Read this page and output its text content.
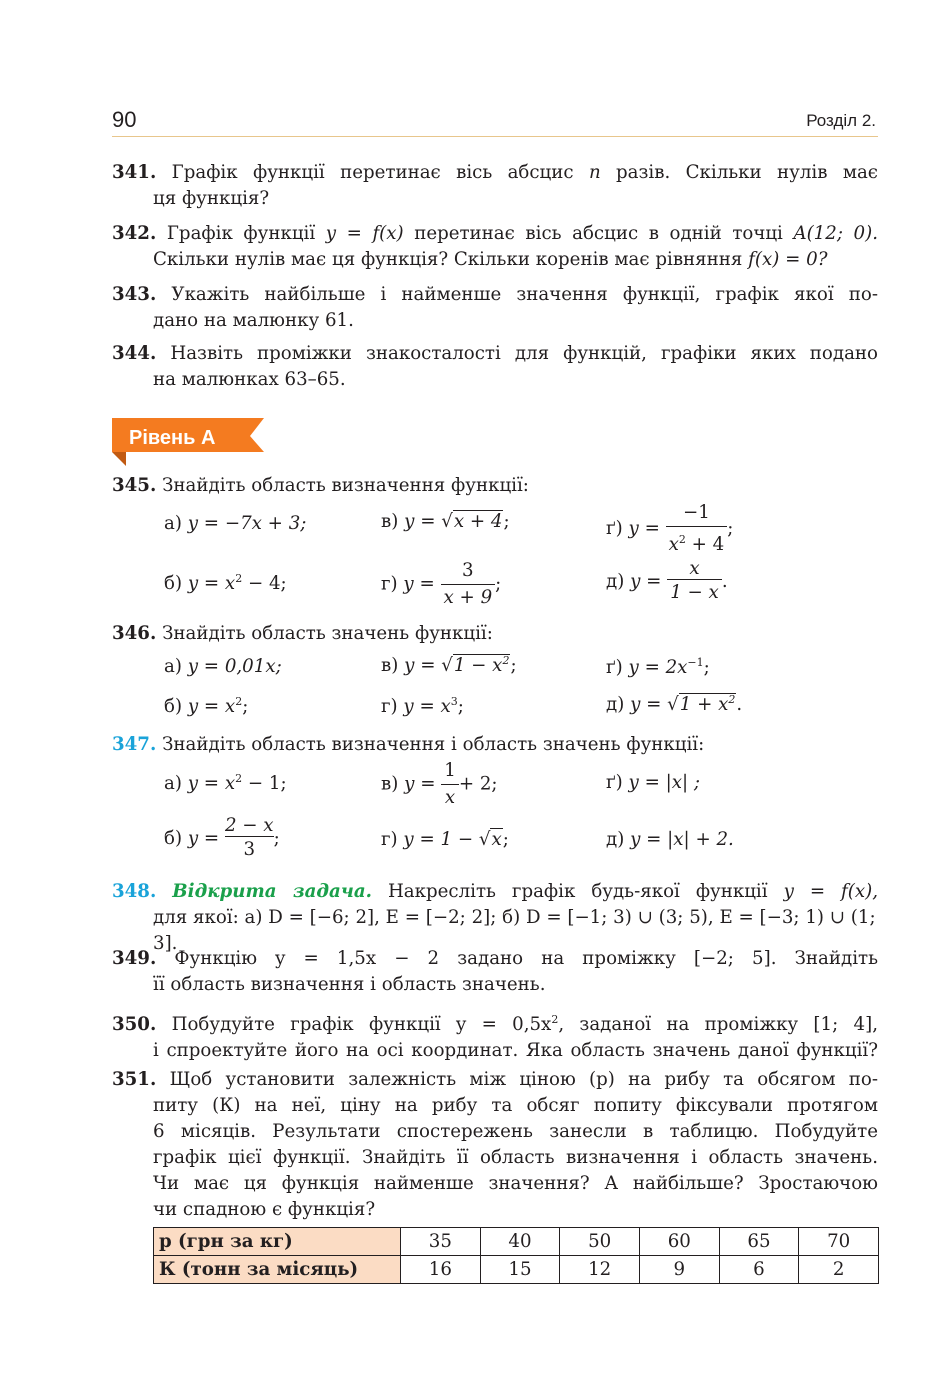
90	Розділ 2.
341. Графік функції перетинає вісь абсцис n разів. Скільки нулів має
ця функція?
342. Графік функції y = f(x) перетинає вісь абсцис в одній точці A(12; 0).
Скільки нулів має ця функція? Скільки коренів має рівняння f(x) = 0?
343. Укажіть найбільше і найменше значення функції, графік якої по-
дано на малюнку 61.
344. Назвіть проміжки знакосталості для функцій, графіки яких подано
на малюнках 63–65.
Рівень А
345. Знайдіть область визначення функції:
а) y = −7x + 3;	в) y = √x + 4;	ґ) $y = \frac{-1}{x^2 + 4}$ ;
б) $y = x^2 - 4$;	г) $y = \frac{3}{x + 9}$ ;	д) $y = \frac{x}{1 - x}$ .
346. Знайдіть область значень функції:
а) y = 0,01x;	в) $y = √1 - x^2$;	ґ) $y = 2x^{-1}$;
б) $y = x^2$;	г) $y = x^3$;	д) $y = √1 + x^2$.
347. Знайдіть область визначення і область значень функції:
а) $y = x^2 - 1$;	в) $y = \frac{1}{x} + 2$;	ґ) y = |x| ;
б) $y = \frac{2 - x}{3}$ ;	г) y = 1 − √x;	д) y = |x| + 2.
348. Відкрита задача. Накресліть графік будь-якої функції y = f(x),
для якої: а) D = [−6; 2], E = [−2; 2]; б) D = [−1; 3) ∪ (3; 5), E = [−3; 1) ∪ (1; 3].
349. Функцію y = 1,5x − 2 задано на проміжку [−2; 5]. Знайдіть
її область визначення і область значень.
350. Побудуйте графік функції $y = 0,5x^2$, заданої на проміжку [1; 4],
і спроектуйте його на осі координат. Яка область значень даної функції?
351. Щоб установити залежність між ціною (p) на рибу та обсягом по-
питу (К) на неї, ціну на рибу та обсяг попиту фіксували протягом
6 місяців. Результати спостережень занесли в таблицю. Побудуйте
графік цієї функції. Знайдіть її область визначення і область значень.
Чи має ця функція найменше значення? А найбільше? Зростаючою
чи спадною є функція?
p (грн за кг)	35	40	50	60	65	70
К (тонн за місяць)	16	15	12	9	6	2
